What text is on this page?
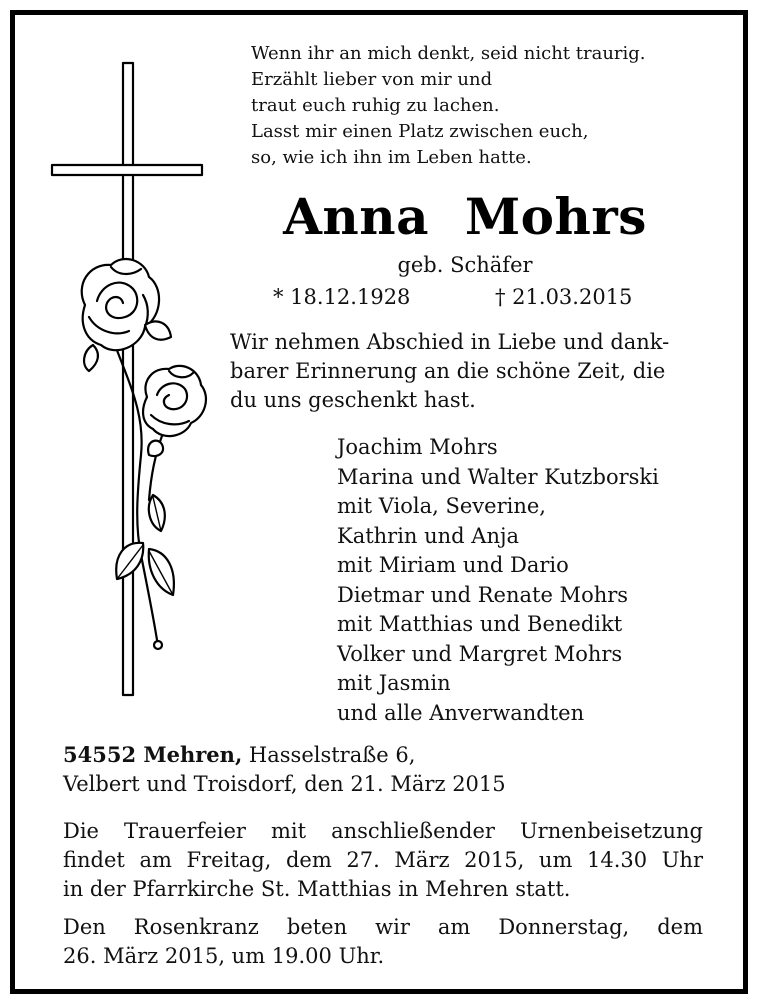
Wenn ihr an mich denkt, seid nicht traurig.
Erzählt lieber von mir und
traut euch ruhig zu lachen.
Lasst mir einen Platz zwischen euch,
so, wie ich ihn im Leben hatte.
Anna  Mohrs
geb. Schäfer
* 18.12.1928	† 21.03.2015
Wir nehmen Abschied in Liebe und dank-
barer Erinnerung an die schöne Zeit, die
du uns geschenkt hast.
Joachim Mohrs
Marina und Walter Kutzborski
mit Viola, Severine,
Kathrin und Anja
mit Miriam und Dario
Dietmar und Renate Mohrs
mit Matthias und Benedikt
Volker und Margret Mohrs
mit Jasmin
und alle Anverwandten
54552 Mehren, Hasselstraße 6,
Velbert und Troisdorf, den 21. März 2015
Die Trauerfeier mit anschließender Urnenbeisetzung
findet am Freitag, dem 27. März 2015, um 14.30 Uhr
in der Pfarrkirche St. Matthias in Mehren statt.
Den Rosenkranz beten wir am Donnerstag, dem
26. März 2015, um 19.00 Uhr.
